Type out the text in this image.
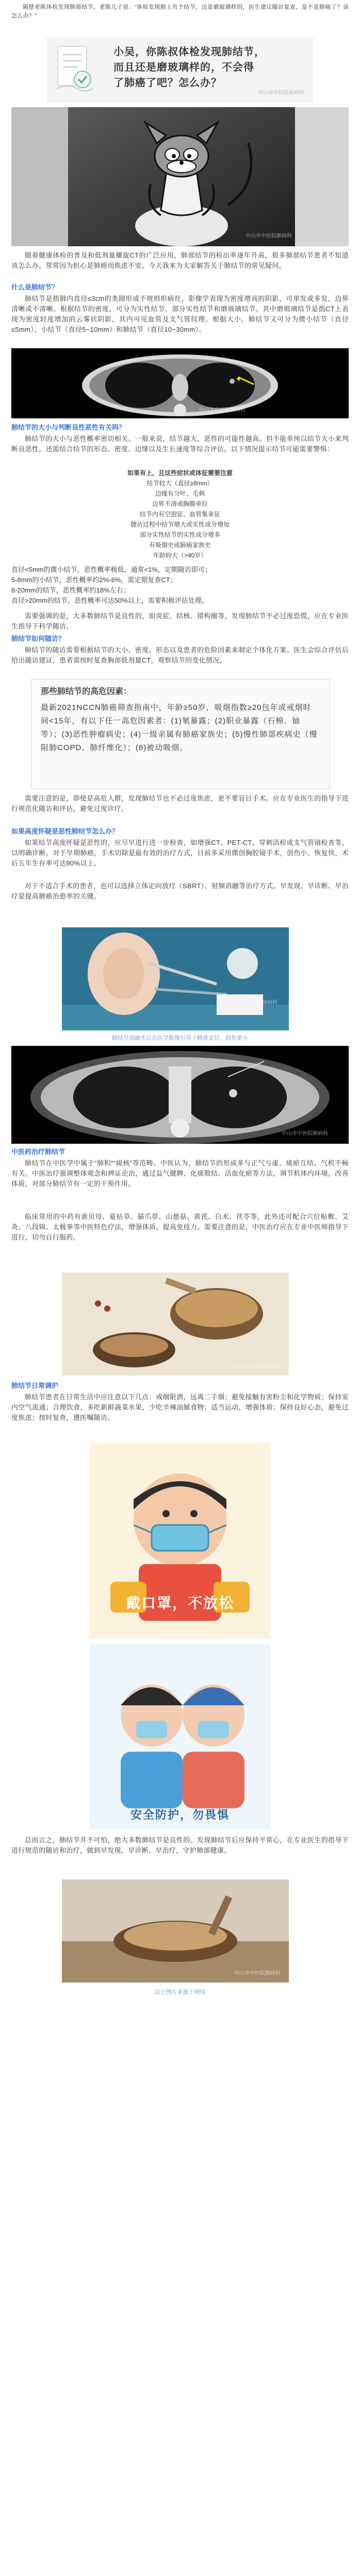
隔壁老陈体检发现肺部结节，老陈儿子说：“体检发现肺上有个结节，还是磨玻璃样的，医生建议随访复查，是不是肺癌了？该怎么办？”

小吴，你陈叔体检发现肺结节，
而且还是磨玻璃样的，不会得
了肺癌了吧？怎么办？
中山市中医院肺病科
中山市中医院肺病科

随着健康体检的普及和低剂量螺旋CT的广泛应用，肺部结节的检出率逐年升高，很多肺部结节患者不知道该怎么办，常常因为担心是肺癌而焦虑不安。今天我来为大家解答关于肺结节的常见疑问。

什么是肺结节？

肺结节是指肺内直径≤3cm的类圆形或不规则形病灶，影像学表现为密度增高的阴影，可单发或多发，边界清晰或不清晰。根据结节的密度，可分为实性结节、部分实性结节和磨玻璃结节。其中磨玻璃结节是指CT上表现为密度轻度增加的云雾状阴影，其内可见血管及支气管纹理。根据大小，肺结节又可分为微小结节（直径≤5mm）、小结节（直径5~10mm）和肺结节（直径10~30mm）。

中山市中医院肺病科

肺结节的大小与判断良性恶性有关吗？

肺结节的大小与恶性概率密切相关。一般来说，结节越大，恶性的可能性越高。但不能单纯以结节大小来判断良恶性，还需结合结节的形态、密度、边缘以及生长速度等综合评估。以下情况提示结节可能需要警惕：

如果有上，且这些症状或体征需要注意
结节较大（直径≥8mm）
边缘有分叶、毛刺
边界不清或胸膜牵拉
结节内有空泡征、血管集束征
随访过程中结节增大或实性成分增加
部分实性结节的实性成分增多
有吸烟史或肺癌家族史
年龄较大（>40岁）

直径<5mm的微小结节，恶性概率极低，通常<1%，定期随访即可；

5-8mm的小结节，恶性概率约2%-6%，需定期复查CT；

8-20mm的结节，恶性概率约18%左右；

直径>20mm的结节，恶性概率可达50%以上，需要积极评估处理。

需要强调的是，大多数肺结节是良性的，如炎症、结核、错构瘤等，发现肺结节不必过度恐慌，应在专业医生指导下科学随访。

肺结节如何随访？

肺结节的随访需要根据结节的大小、密度、形态以及患者的危险因素来制定个体化方案。医生会综合评估后给出随访建议，患者需按时复查胸部低剂量CT，观察结节的变化情况。

那些肺结节的高危因素：
最新2021NCCN肺癌筛查指南中，年龄≥50岁，吸烟指数≥20包年或戒烟时间<15年，有以下任一高危因素者：(1)氡暴露；(2)职业暴露（石棉、铀等）；(3)恶性肿瘤病史；(4)一级亲属有肺癌家族史；(5)慢性肺部疾病史（慢阻肺COPD、肺纤维化）；(6)被动吸烟。

需要注意的是，即使是高危人群，发现肺结节也不必过度焦虑，更不要盲目手术。应在专业医生的指导下进行规范化随访和评估，避免过度诊疗。

如果高度怀疑是恶性肺结节怎么办？

如果结节高度怀疑是恶性的，应尽早进行进一步检查，如增强CT、PET-CT、穿刺活检或支气管镜检查等，以明确诊断。对于早期肺癌，手术切除是最有效的治疗方式，目前多采用微创胸腔镜手术，创伤小、恢复快，术后五年生存率可达90%以上。

对于不适合手术的患者，也可以选择立体定向放疗（SBRT）、射频消融等治疗方式。早发现、早诊断、早治疗是提高肺癌治愈率的关键。

中山市中医院肺病科

肺结节消融术后在医学影像引导下精准定位，创伤更小

中山市中医院肺病科

中医药治疗肺结节

肺结节在中医学中属于“肺积”“痰核”等范畴。中医认为，肺结节的形成多与正气亏虚、痰瘀互结、气机不畅有关。中医治疗强调整体观念和辨证论治，通过益气健脾、化痰散结、活血化瘀等方法，调节机体内环境，改善体质，对部分肺结节有一定的干预作用。

临床常用的中药有浙贝母、夏枯草、猫爪草、山慈菇、黄芪、白术、茯苓等，此外还可配合穴位贴敷、艾灸、八段锦、太极拳等中医特色疗法，增强体质，提高免疫力。需要注意的是，中医治疗应在专业中医师指导下进行，切勿自行服药。

中山市中医院肺病科

肺结节日常调护

肺结节患者在日常生活中应注意以下几点：戒烟限酒，远离二手烟；避免接触有害粉尘和化学物质；保持室内空气流通；合理饮食，多吃新鲜蔬菜水果，少吃辛辣油腻食物；适当运动，增强体质；保持良好心态，避免过度焦虑；按时复查，遵医嘱随访。

戴口罩，不放松
安全防护，勿畏惧

总而言之，肺结节并不可怕，绝大多数肺结节是良性的。发现肺结节后应保持平常心，在专业医生的指导下进行规范的随访和治疗，做到早发现、早诊断、早治疗，守护肺部健康。

中山市中医院肺病科

以上图片来源于网络
